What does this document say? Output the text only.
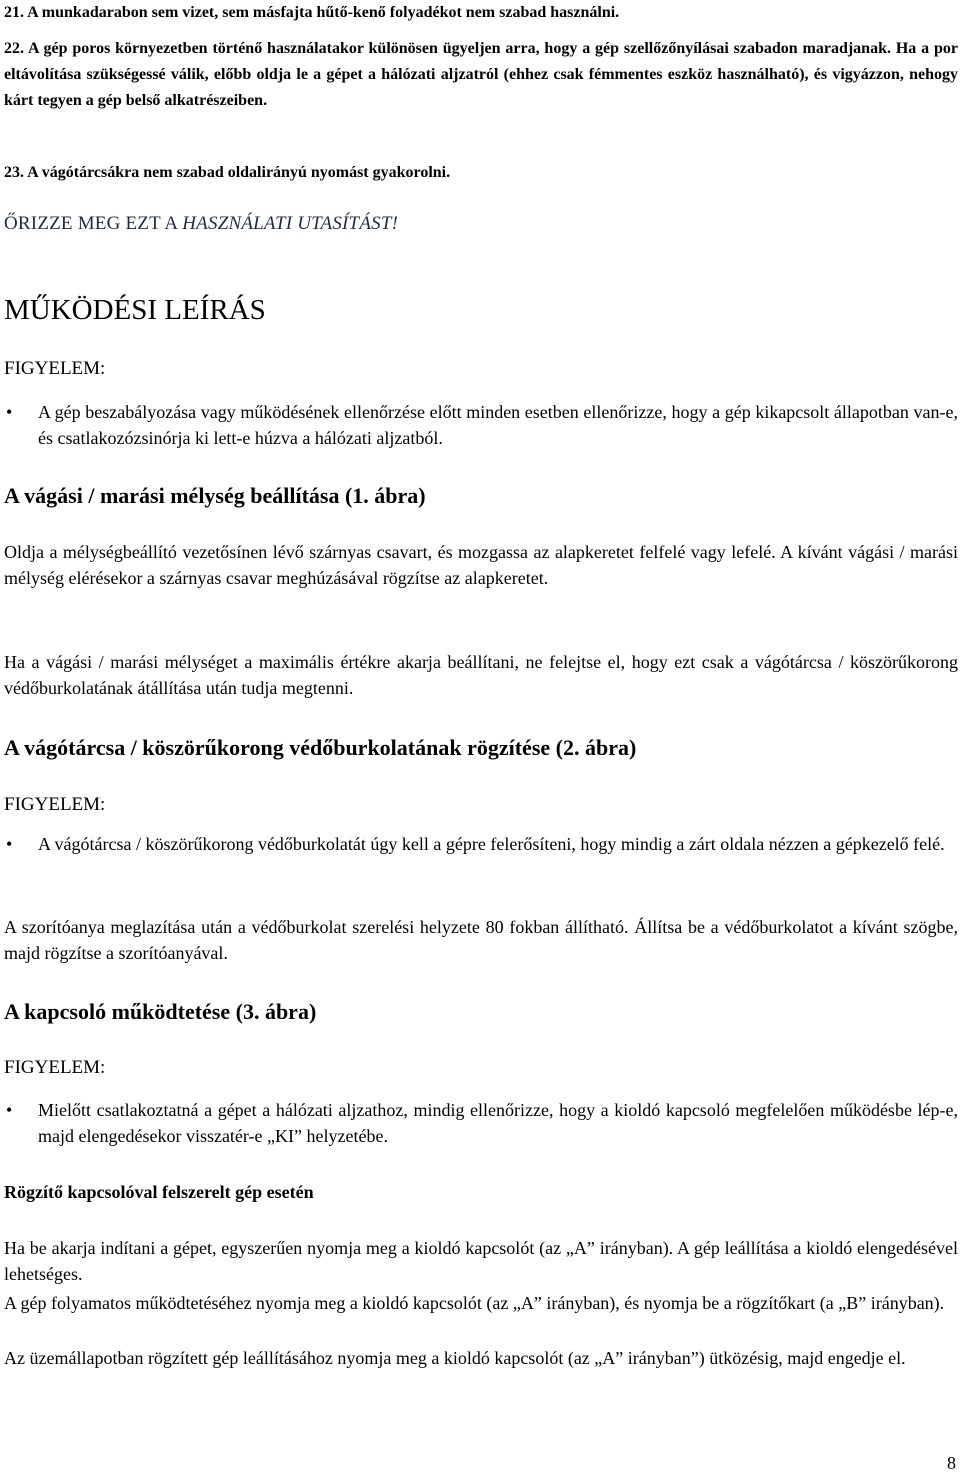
21. A munkadarabon sem vizet, sem másfajta hűtő-kenő folyadékot nem szabad használni.

22. A gép poros környezetben történő használatakor különösen ügyeljen arra, hogy a gép szellőzőnyílásai szabadon maradjanak. Ha a por eltávolítása szükségessé válik, előbb oldja le a gépet a hálózati aljzatról (ehhez csak fémmentes eszköz használható), és vigyázzon, nehogy kárt tegyen a gép belső alkatrészeiben.

23. A vágótárcsákra nem szabad oldalirányú nyomást gyakorolni.

ŐRIZZE MEG EZT A HASZNÁLATI UTASÍTÁST!

MŰKÖDÉSI LEÍRÁS

FIGYELEM:

•	A gép beszabályozása vagy működésének ellenőrzése előtt minden esetben ellenőrizze, hogy a gép kikapcsolt állapotban van-e, és csatlakozózsinórja ki lett-e húzva a hálózati aljzatból.

A vágási / marási mélység beállítása (1. ábra)

Oldja a mélységbeállító vezetősínen lévő szárnyas csavart, és mozgassa az alapkeretet felfelé vagy lefelé. A kívánt vágási / marási mélység elérésekor a szárnyas csavar meghúzásával rögzítse az alapkeretet.

Ha a vágási / marási mélységet a maximális értékre akarja beállítani, ne felejtse el, hogy ezt csak a vágótárcsa / köszörűkorong védőburkolatának átállítása után tudja megtenni.

A vágótárcsa / köszörűkorong védőburkolatának rögzítése (2. ábra)

FIGYELEM:

•	A vágótárcsa / köszörűkorong védőburkolatát úgy kell a gépre felerősíteni, hogy mindig a zárt oldala nézzen a gépkezelő felé.

A szorítóanya meglazítása után a védőburkolat szerelési helyzete 80 fokban állítható. Állítsa be a védőburkolatot a kívánt szögbe, majd rögzítse a szorítóanyával.

A kapcsoló működtetése (3. ábra)

FIGYELEM:

•	Mielőtt csatlakoztatná a gépet a hálózati aljzathoz, mindig ellenőrizze, hogy a kioldó kapcsoló megfelelően működésbe lép-e, majd elengedésekor visszatér-e „KI” helyzetébe.

Rögzítő kapcsolóval felszerelt gép esetén

Ha be akarja indítani a gépet, egyszerűen nyomja meg a kioldó kapcsolót (az „A” irányban). A gép leállítása a kioldó elengedésével lehetséges.

A gép folyamatos működtetéséhez nyomja meg a kioldó kapcsolót (az „A” irányban), és nyomja be a rögzítőkart (a „B” irányban).

Az üzemállapotban rögzített gép leállításához nyomja meg a kioldó kapcsolót (az „A” irányban”) ütközésig, majd engedje el.

8
